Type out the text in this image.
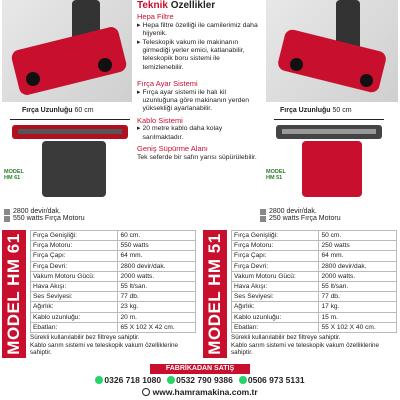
Teknik Özellikler
Hepa Filtre
▸ Hepa filtre özelliği ile camilerimiz daha hijyenik.
▸ Teleskopik vakum ile makinanın girmediği yerler emici, katlanabilir, teleskopik boru sistemi ile temizlenebilir.
Fırça Ayar Sistemi
▸ Fırça ayar sistemi ile halı kil uzunluğuna göre makinanın yerden yüksekliği ayarlanabilir.
Kablo Sistemi
▸ 20 metre kablo daha kolay sarılmaktadır.
Geniş Süpürme Alanı
Tek seferde bir safın yarısı süpürülebilir.
Fırça Uzunluğu 60 cm
MODEL
HM 61
Fırça Uzunluğu 50 cm
MODEL
HM 51
2800 devir/dak.
550 watts Fırça Motoru
MODEL HM 61 Fırça Genişliği:	60 cm.
Fırça Motoru:	550 watts
Fırça Çapı:	64 mm.
Fırça Devri:	2800 devir/dak.
Vakum Motoru Gücü:	2000 watts.
Hava Akışı:	55 lt/san.
Ses Seviyesi:	77 db.
Ağırlık:	23 kg.
Kablo uzunluğu:	20 m.
Ebatları:	65 X 102 X 42 cm.
Sürekli kullanılabilir bez filtreye sahiptir.
Kablo sarım sistemi ve teleskopik vakum özelliklerine sahiptir.
2800 devir/dak.
250 watts Fırça Motoru
MODEL HM 51 Fırça Genişliği:	50 cm.
Fırça Motoru:	250 watts
Fırça Çapı:	64 mm.
Fırça Devri:	2800 devir/dak.
Vakum Motoru Gücü:	2000 watts.
Hava Akışı:	55 lt/san.
Ses Seviyesi:	77 db.
Ağırlık:	17 kg.
Kablo uzunluğu:	15 m.
Ebatları:	55 X 102 X 40 cm.
Sürekli kullanılabilir bez filtreye sahiptir.
Kablo sarım sistemi ve teleskopik vakum özelliklerine sahiptir.
FABRİKADAN SATIŞ
0326 718 1080 0532 790 9386 0506 973 5131
www.hamramakina.com.tr
